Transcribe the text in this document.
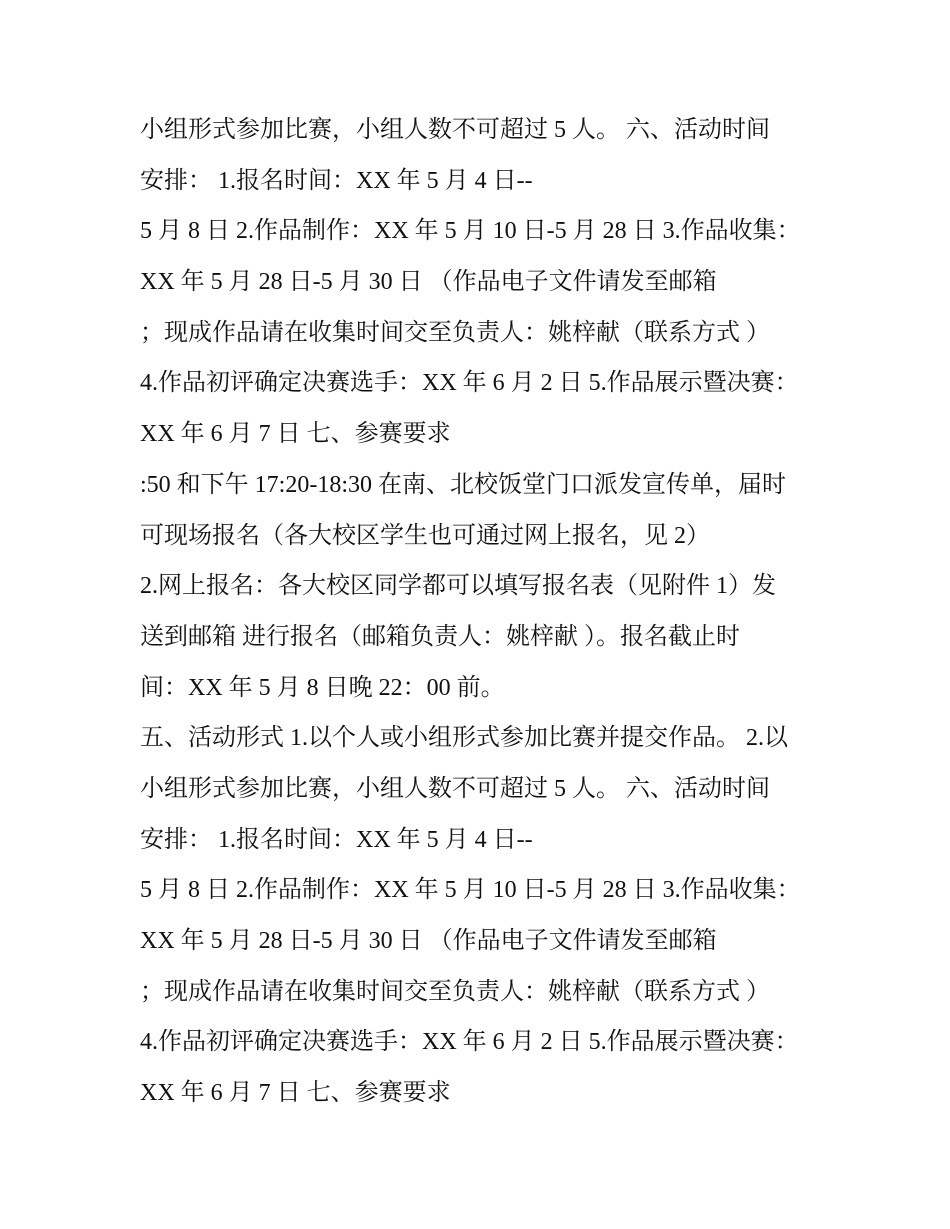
小组形式参加比赛，小组人数不可超过 5 人。 六、活动时间
安排： 1.报名时间：XX 年 5 月 4 日--
5 月 8 日 2.作品制作：XX 年 5 月 10 日-5 月 28 日 3.作品收集：
XX 年 5 月 28 日-5 月 30 日 （作品电子文件请发至邮箱
；现成作品请在收集时间交至负责人：姚梓献（联系方式 ）
4.作品初评确定决赛选手：XX 年 6 月 2 日 5.作品展示暨决赛：
XX 年 6 月 7 日 七、参赛要求
:50 和下午 17:20-18:30 在南、北校饭堂门口派发宣传单，届时
可现场报名（各大校区学生也可通过网上报名，见 2）
2.网上报名：各大校区同学都可以填写报名表（见附件 1）发
送到邮箱 进行报名（邮箱负责人：姚梓献 ）。报名截止时
间：XX 年 5 月 8 日晚 22：00 前。
五、活动形式 1.以个人或小组形式参加比赛并提交作品。 2.以
小组形式参加比赛，小组人数不可超过 5 人。 六、活动时间
安排： 1.报名时间：XX 年 5 月 4 日--
5 月 8 日 2.作品制作：XX 年 5 月 10 日-5 月 28 日 3.作品收集：
XX 年 5 月 28 日-5 月 30 日 （作品电子文件请发至邮箱
；现成作品请在收集时间交至负责人：姚梓献（联系方式 ）
4.作品初评确定决赛选手：XX 年 6 月 2 日 5.作品展示暨决赛：
XX 年 6 月 7 日 七、参赛要求
